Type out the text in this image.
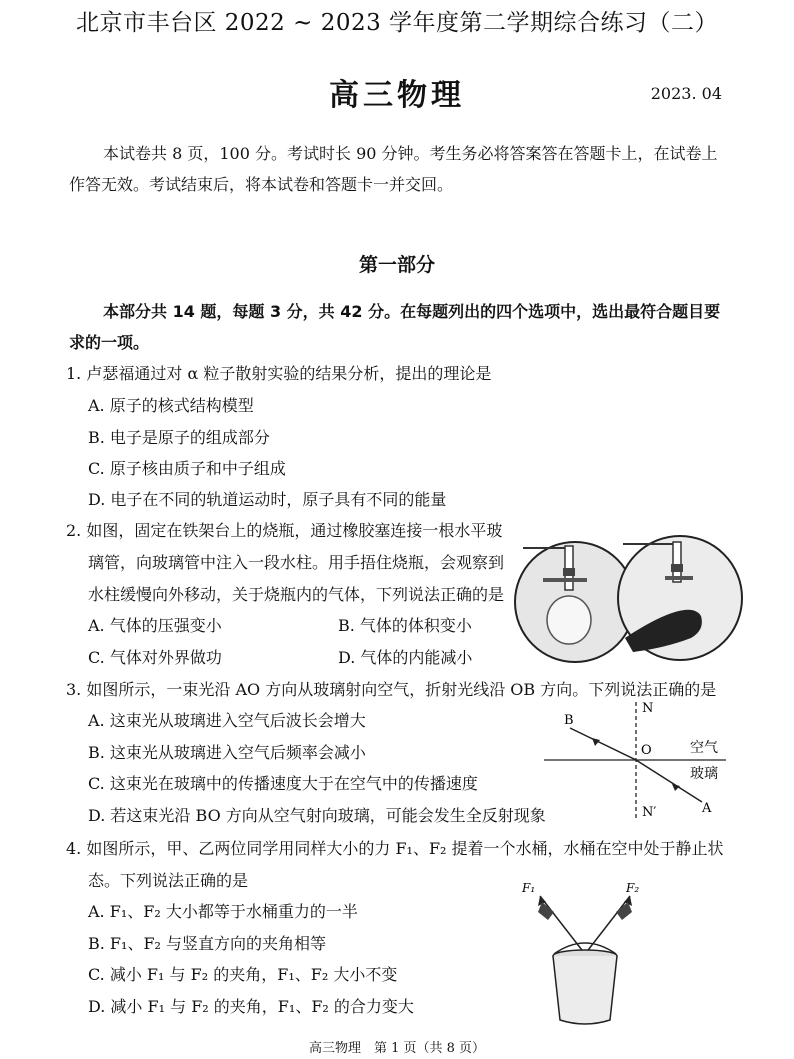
北京市丰台区 2022 ~ 2023 学年度第二学期综合练习（二）
高三物理	2023. 04
本试卷共 8 页，100 分。考试时长 90 分钟。考生务必将答案答在答题卡上，在试卷上作答无效。考试结束后，将本试卷和答题卡一并交回。
第一部分
本部分共 14 题，每题 3 分，共 42 分。在每题列出的四个选项中，选出最符合题目要求的一项。
1. 卢瑟福通过对 α 粒子散射实验的结果分析，提出的理论是
A. 原子的核式结构模型
B. 电子是原子的组成部分
C. 原子核由质子和中子组成
D. 电子在不同的轨道运动时，原子具有不同的能量
2. 如图，固定在铁架台上的烧瓶，通过橡胶塞连接一根水平玻
璃管，向玻璃管中注入一段水柱。用手捂住烧瓶，会观察到
水柱缓慢向外移动，关于烧瓶内的气体，下列说法正确的是
A. 气体的压强变小	B. 气体的体积变小
C. 气体对外界做功	D. 气体的内能减小
3. 如图所示，一束光沿 AO 方向从玻璃射向空气，折射光线沿 OB 方向。下列说法正确的是
A. 这束光从玻璃进入空气后波长会增大
B. 这束光从玻璃进入空气后频率会减小
C. 这束光在玻璃中的传播速度大于在空气中的传播速度
D. 若这束光沿 BO 方向从空气射向玻璃，可能会发生全反射现象
B
N
O	空气
玻璃
N′	A
4. 如图所示，甲、乙两位同学用同样大小的力 F₁、F₂ 提着一个水桶，水桶在空中处于静止状
态。下列说法正确的是
A. F₁、F₂ 大小都等于水桶重力的一半
B. F₁、F₂ 与竖直方向的夹角相等
C. 减小 F₁ 与 F₂ 的夹角，F₁、F₂ 大小不变
D. 减小 F₁ 与 F₂ 的夹角，F₁、F₂ 的合力变大
F₁	F₂
高三物理　第 1 页（共 8 页）
